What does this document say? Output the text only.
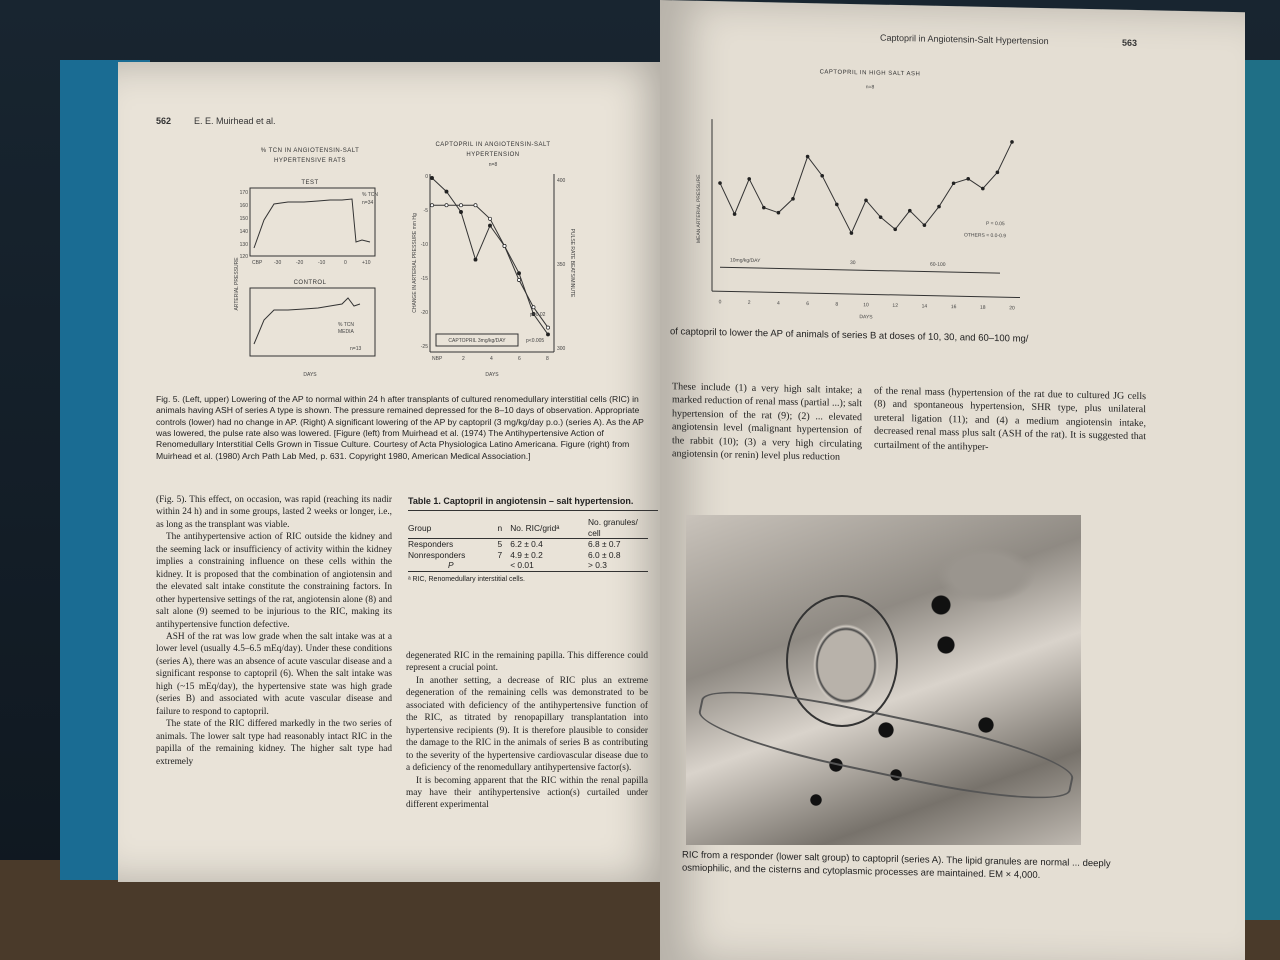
562	E. E. Muirhead et al.
% TCN IN ANGIOTENSIN-SALT
HYPERTENSIVE RATS
TEST
% TCN
n=34
CONTROL
% TCN
MEDIA
n=13
ARTERIAL PRESSURE
DAYS
CBP -30	-20	-10	0	+10
170
160
150
140
130
120
CAPTOPRIL IN ANGIOTENSIN-SALT
HYPERTENSION
n=8
CAPTOPRIL 3mg/kg/DAY
p=0.02
p<0.005
CHANGE IN ARTERIAL PRESSURE mm Hg	PULSE RATE BEATS/MINUTE
DAYS
NBP	2	4	6	8
0
-5
-10
-15
-20
-25
400
350
300
Fig. 5. (Left, upper) Lowering of the AP to normal within 24 h after transplants of cultured renomedullary interstitial cells (RIC) in animals having ASH of series A type is shown. The pressure remained depressed for the 8–10 days of observation. Appropriate controls (lower) had no change in AP. (Right) A significant lowering of the AP by captopril (3 mg/kg/day p.o.) (series A). As the AP was lowered, the pulse rate also was lowered. [Figure (left) from Muirhead et al. (1974) The Antihypertensive Action of Renomedullary Interstitial Cells Grown in Tissue Culture. Courtesy of Acta Physiologica Latino Americana. Figure (right) from Muirhead et al. (1980) Arch Path Lab Med, p. 631. Copyright 1980, American Medical Association.]

(Fig. 5). This effect, on occasion, was rapid (reaching its nadir within 24 h) and in some groups, lasted 2 weeks or longer, i.e., as long as the transplant was viable.

The antihypertensive action of RIC outside the kidney and the seeming lack or insufficiency of activity within the kidney implies a constraining influence on these cells within the kidney. It is proposed that the combination of angiotensin and the elevated salt intake constitute the constraining factors. In other hypertensive settings of the rat, angiotensin alone (8) and salt alone (9) seemed to be injurious to the RIC, making its antihypertensive function defective.

ASH of the rat was low grade when the salt intake was at a lower level (usually 4.5–6.5 mEq/day). Under these conditions (series A), there was an absence of acute vascular disease and a significant response to captopril (6). When the salt intake was high (~15 mEq/day), the hypertensive state was high grade (series B) and associated with acute vascular disease and failure to respond to captopril.

The state of the RIC differed markedly in the two series of animals. The lower salt type had reasonably intact RIC in the papilla of the remaining kidney. The higher salt type had extremely

Table 1. Captopril in angiotensin – salt hypertension.
Group	n	No. RIC/gridᵃ	No. granules/ cell
Responders	5	6.2 ± 0.4	6.8 ± 0.7
Nonresponders	7	4.9 ± 0.2	6.0 ± 0.8
P		< 0.01	> 0.3
ᵃ RIC, Renomedullary interstitial cells.

degenerated RIC in the remaining papilla. This difference could represent a crucial point.

In another setting, a decrease of RIC plus an extreme degeneration of the remaining cells was demonstrated to be associated with deficiency of the antihypertensive function of the RIC, as titrated by renopapillary transplantation into hypertensive recipients (9). It is therefore plausible to consider the damage to the RIC in the animals of series B as contributing to the severity of the hypertensive cardiovascular disease due to a deficiency of the renomedullary antihypertensive factor(s).

It is becoming apparent that the RIC within the renal papilla may have their antihypertensive action(s) curtailed under different experimental

Captopril in Angiotensin-Salt Hypertension	563
CAPTOPRIL IN HIGH SALT ASH
n=8
10mg/kg/DAY	30	60-100
P = 0.05
OTHERS = 0.0-0.9
MEAN ARTERIAL PRESSURE
DAYS
0	2	4	6	8	10	12	14	16	18	20
of captopril to lower the AP of animals of series B at doses of 10, 30, and 60–100 mg/
These include (1) a very high salt intake; a marked reduction of renal mass (partial ...); salt hypertension of the rat (9); (2) ... elevated angiotensin level (malignant hypertension of the rabbit (10); (3) a very high circulating angiotensin (or renin) level plus reduction
of the renal mass (hypertension of the rat due to cultured JG cells (8) and spontaneous hypertension, SHR type, plus unilateral ureteral ligation (11); and (4) a medium angiotensin intake, decreased renal mass plus salt (ASH of the rat). It is suggested that curtailment of the antihyper-
RIC from a responder (lower salt group) to captopril (series A). The lipid granules are normal ... deeply osmiophilic, and the cisterns and cytoplasmic processes are maintained. EM × 4,000.
